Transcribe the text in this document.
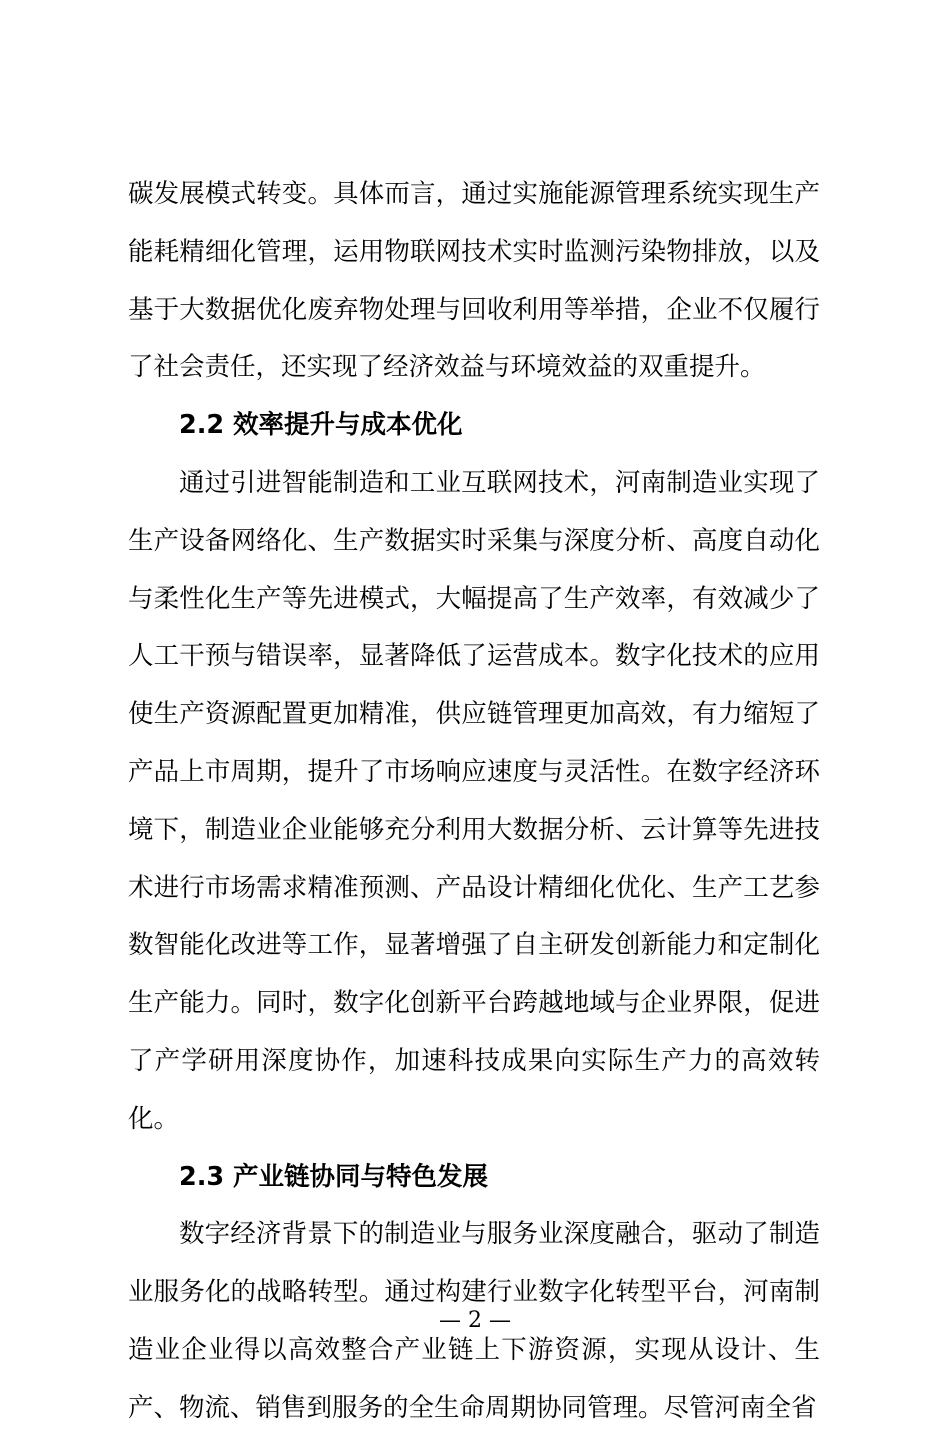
碳发展模式转变。具体而言，通过实施能源管理系统实现生产能耗精细化管理，运用物联网技术实时监测污染物排放，以及基于大数据优化废弃物处理与回收利用等举措，企业不仅履行了社会责任，还实现了经济效益与环境效益的双重提升。

2.2 效率提升与成本优化

通过引进智能制造和工业互联网技术，河南制造业实现了生产设备网络化、生产数据实时采集与深度分析、高度自动化与柔性化生产等先进模式，大幅提高了生产效率，有效减少了人工干预与错误率，显著降低了运营成本。数字化技术的应用使生产资源配置更加精准，供应链管理更加高效，有力缩短了产品上市周期，提升了市场响应速度与灵活性。在数字经济环境下，制造业企业能够充分利用大数据分析、云计算等先进技术进行市场需求精准预测、产品设计精细化优化、生产工艺参数智能化改进等工作，显著增强了自主研发创新能力和定制化生产能力。同时，数字化创新平台跨越地域与企业界限，促进了产学研用深度协作，加速科技成果向实际生产力的高效转化。

2.3 产业链协同与特色发展

数字经济背景下的制造业与服务业深度融合，驱动了制造业服务化的战略转型。通过构建行业数字化转型平台，河南制造业企业得以高效整合产业链上下游资源，实现从设计、生产、物流、销售到服务的全生命周期协同管理。尽管河南全省

— 2 —
